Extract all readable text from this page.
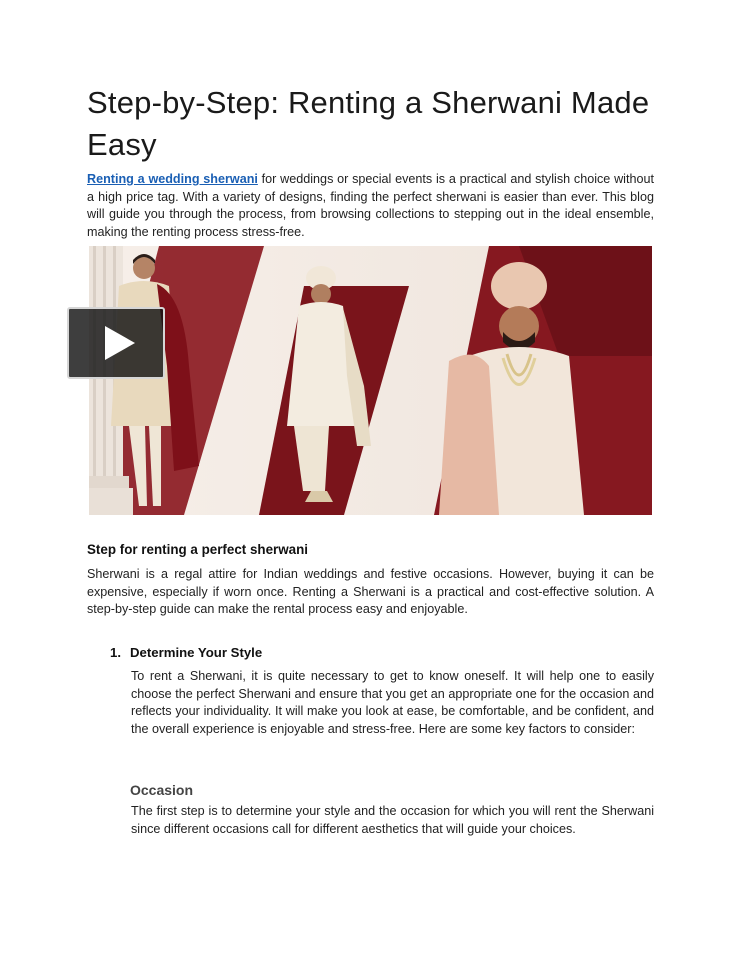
Step-by-Step: Renting a Sherwani Made Easy

Renting a wedding sherwani for weddings or special events is a practical and stylish choice without a high price tag. With a variety of designs, finding the perfect sherwani is easier than ever. This blog will guide you through the process, from browsing collections to stepping out in the ideal ensemble, making the renting process stress-free.

Step for renting a perfect sherwani

Sherwani is a regal attire for Indian weddings and festive occasions. However, buying it can be expensive, especially if worn once. Renting a Sherwani is a practical and cost-effective solution. A step-by-step guide can make the rental process easy and enjoyable.

1. Determine Your Style

To rent a Sherwani, it is quite necessary to get to know oneself. It will help one to easily choose the perfect Sherwani and ensure that you get an appropriate one for the occasion and reflects your individuality. It will make you look at ease, be comfortable, and be confident, and the overall experience is enjoyable and stress-free. Here are some key factors to consider:

Occasion

The first step is to determine your style and the occasion for which you will rent the Sherwani since different occasions call for different aesthetics that will guide your choices.
